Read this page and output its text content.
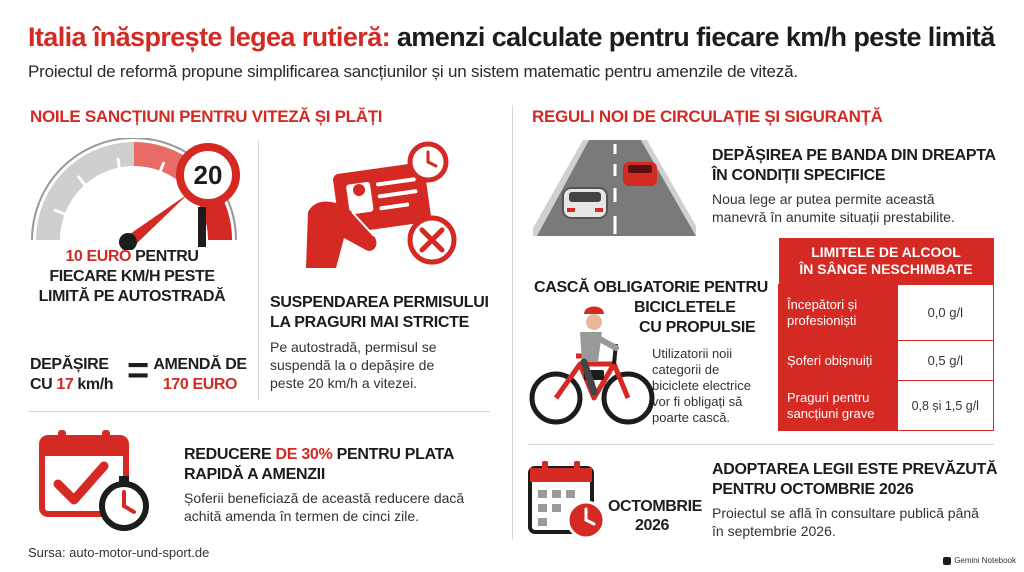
Italia înăsprește legea rutieră: amenzi calculate pentru fiecare km/h peste limită
Proiectul de reformă propune simplificarea sancțiunilor și un sistem matematic pentru amenzile de viteză.
NOILE SANCȚIUNI PENTRU VITEZĂ ȘI PLĂȚI	REGULI NOI DE CIRCULAȚIE ȘI SIGURANȚĂ
20
10 EURO PENTRU
FIECARE KM/H PESTE
LIMITĂ PE AUTOSTRADĂ
DEPĂȘIRE
CU 17 km/h = AMENDĂ DE
170 EURO
SUSPENDAREA PERMISULUI
LA PRAGURI MAI STRICTE
Pe autostradă, permisul se suspendă la o depășire de peste 20 km/h a vitezei.
REDUCERE DE 30% PENTRU PLATA
RAPIDĂ A AMENZII
Șoferii beneficiază de această reducere dacă achită amenda în termen de cinci zile.
DEPĂȘIREA PE BANDA DIN DREAPTA
ÎN CONDIȚII SPECIFICE
Noua lege ar putea permite această manevră în anumite situații prestabilite.
CASCĂ OBLIGATORIE PENTRU
BICICLETELE
CU PROPULSIE
Utilizatorii noii categorii de biciclete electrice vor fi obligați să poarte cască.
LIMITELE DE ALCOOL
ÎN SÂNGE NESCHIMBATE	

Începători și profesioniști	0,0 g/l
Șoferi obișnuiți	0,5 g/l
Praguri pentru sancțiuni grave	0,8 și 1,5 g/l
OCTOMBRIE
2026
ADOPTAREA LEGII ESTE PREVĂZUTĂ
PENTRU OCTOMBRIE 2026
Proiectul se află în consultare publică până în septembrie 2026.
Sursa: auto-motor-und-sport.de
Gemini Notebook
